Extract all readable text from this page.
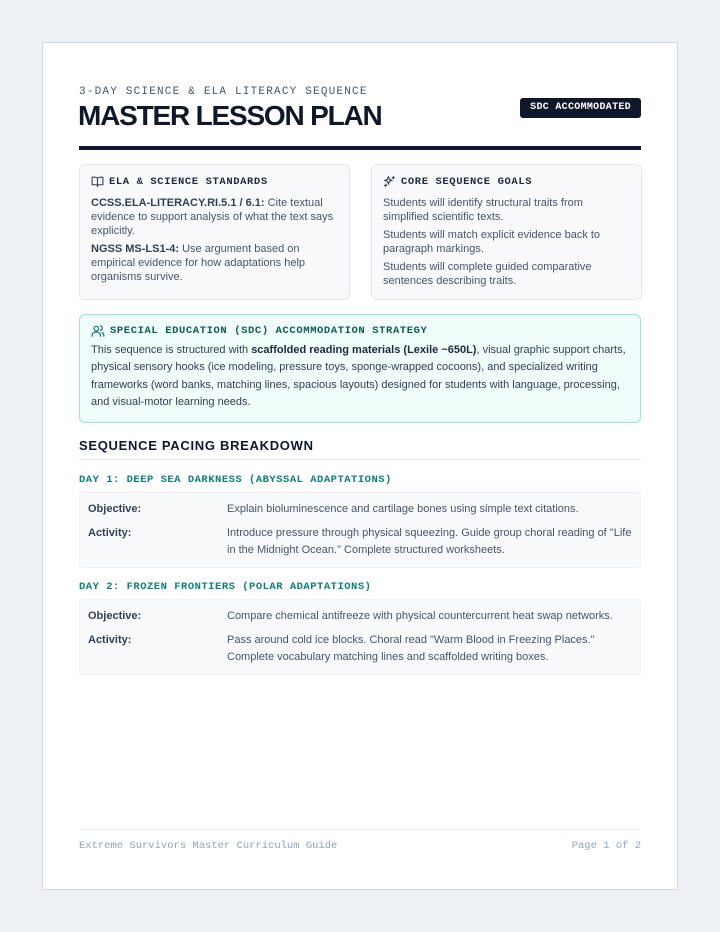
3-DAY SCIENCE & ELA LITERACY SEQUENCE
MASTER LESSON PLAN	SDC ACCOMMODATED
ELA & SCIENCE STANDARDS

CCSS.ELA-LITERACY.RI.5.1 / 6.1: Cite textual evidence to support analysis of what the text says explicitly.

NGSS MS-LS1-4: Use argument based on empirical evidence for how adaptations help organisms survive.

CORE SEQUENCE GOALS

Students will identify structural traits from simplified scientific texts.

Students will match explicit evidence back to paragraph markings.

Students will complete guided comparative sentences describing traits.

SPECIAL EDUCATION (SDC) ACCOMMODATION STRATEGY

This sequence is structured with scaffolded reading materials (Lexile ~650L), visual graphic support charts, physical sensory hooks (ice modeling, pressure toys, sponge-wrapped cocoons), and specialized writing frameworks (word banks, matching lines, spacious layouts) designed for students with language, processing, and visual-motor learning needs.

SEQUENCE PACING BREAKDOWN
DAY 1: DEEP SEA DARKNESS (ABYSSAL ADAPTATIONS)
Objective:	Explain bioluminescence and cartilage bones using simple text citations.
Activity:	Introduce pressure through physical squeezing. Guide group choral reading of "Life in the Midnight Ocean." Complete structured worksheets.
DAY 2: FROZEN FRONTIERS (POLAR ADAPTATIONS)
Objective:	Compare chemical antifreeze with physical countercurrent heat swap networks.
Activity:	Pass around cold ice blocks. Choral read "Warm Blood in Freezing Places." Complete vocabulary matching lines and scaffolded writing boxes.
Extreme Survivors Master Curriculum Guide	Page 1 of 2
